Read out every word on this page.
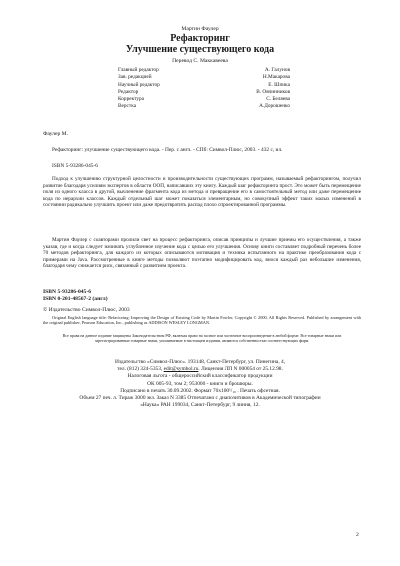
Мартин Фаулер
Рефакторинг
Улучшение существующего кода
Перевод С. Маккавеева
Главный редактор	А. Галунов
Зав. редакцией	Н.Макарова
Научный редактор	Е. Шпика
Редактор	В. Овчинников
Корректура	С. Беляева
Верстка	А.Дорошенко
Фаулер М.
Рефакторинг: улучшение существующего кода. - Пер. с англ. - СПб: Символ-Плюс, 2003. - 432 с, ил.
ISBN 5-93286-045-6
Подход к улучшению структурной целостности и производительности существующих программ, называемый рефакторингом, получил развитие благодаря усилиям экспертов в области ООП, написавших эту книгу. Каждый шаг рефакторинга прост. Это может быть перемещение поля из одного класса в другой, вычленение фрагмента кода из метода и превращение его в самостоятельный метод или даже перемещение кода по иерархии классов. Каждый отдельный шаг может показаться элементарным, но совокупный эффект таких малых изменений в состоянии радикально улучшить проект или даже предотвратить распад плохо спроектированной программы.
Мартин Фаулер с соавторами пролили свет на процесс рефакторинга, описав принципы и лучшие приемы его осуществления, а также указав, где и когда следует начинать углубленное изучение кода с целью его улучшения. Основу книги составляет подробный перечень более 70 методов рефакторинга, для каждого из которых описываются мотивация и техника испытанного на практике преобразования кода с примерами на Java. Рассмотренные в книге методы позволяют поэтапно модифицировать код, внося каждый раз небольшие изменения, благодаря чему снижается риск, связанный с развитием проекта.
ISBN 5-93286-045-6
ISBN 0-201-48567-2 (англ)
© Издательство Символ-Плюс, 2003
Original English language title: Refactoring: Improving the Design of Existing Code by Martin Fowler, Copyright © 2000, All Rights Reserved. Published by arrangement with the original publisher, Pearson Education, Inc., publishing as ADDISON WESLEY LONGMAN.
Все права на данное издание защищены Законодательством РФ, включая право на полное или частичное воспроизведение в любой форме. Все товарные знаки или зарегистрированные товарные знаки, упоминаемые в настоящем издании, являются собственностью соответствующих фирм.
Издательство «Символ-Плюс». 193148, Санкт-Петербург, ул. Пинегина, 4,
тел. (812) 324-5353, edit@symbol.ru. Лицензия ЛП N 000054 от 25.12.98.
Налоговая льгота - общероссийский классификатор продукции
ОК 005-93, том 2; 953000 - книги и брошюры.
Подписано в печать 30.09.2002. Формат 70х100¹/₁₆ . Печать офсетная.
Объем 27 печ. л. Тираж 3000 экз. Заказ N 3385 Отпечатано с диапозитивов в Академической типографии
«Наука» РАН 199034, Санкт-Петербург, 9 линия, 12.
2
